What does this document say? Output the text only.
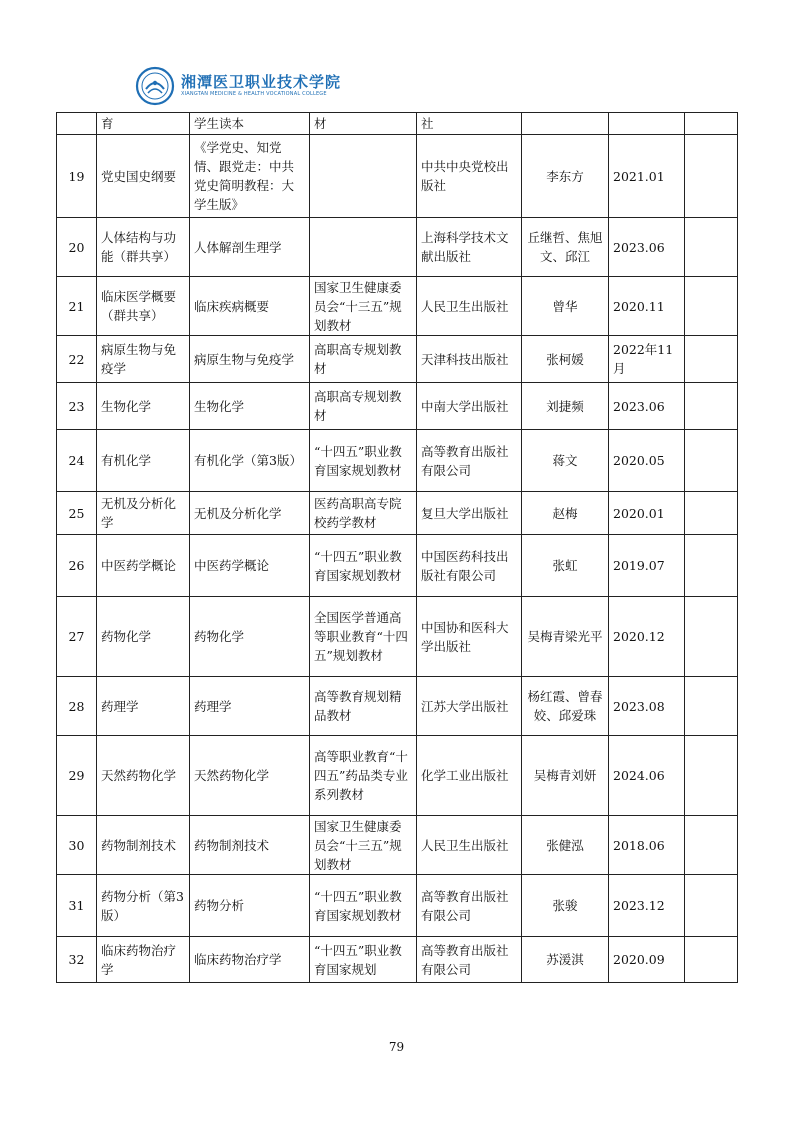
湘潭医卫职业技术学院
XIANGTAN MEDICINE & HEALTH VOCATIONAL COLLEGE
	育	学生读本	材	社			
19	党史国史纲要	《学党史、知党情、跟党走：中共党史简明教程：大学生版》		中共中央党校出版社	李东方	2021.01	
20	人体结构与功能（群共享）	人体解剖生理学		上海科学技术文献出版社	丘继哲、焦旭文、邱江	2023.06	
21	临床医学概要（群共享）	临床疾病概要	国家卫生健康委员会“十三五”规划教材	人民卫生出版社	曾华	2020.11	
22	病原生物与免疫学	病原生物与免疫学	高职高专规划教材	天津科技出版社	张柯媛	2022年11月	
23	生物化学	生物化学	高职高专规划教材	中南大学出版社	刘捷频	2023.06	
24	有机化学	有机化学（第3版）	“十四五”职业教育国家规划教材	高等教育出版社有限公司	蒋文	2020.05	
25	无机及分析化学	无机及分析化学	医药高职高专院校药学教材	复旦大学出版社	赵梅	2020.01	
26	中医药学概论	中医药学概论	“十四五”职业教育国家规划教材	中国医药科技出版社有限公司	张虹	2019.07	
27	药物化学	药物化学	全国医学普通高等职业教育“十四五”规划教材	中国协和医科大学出版社	吴梅青梁光平	2020.12	
28	药理学	药理学	高等教育规划精品教材	江苏大学出版社	杨红霞、曾春姣、邱爱珠	2023.08	
29	天然药物化学	天然药物化学	高等职业教育“十四五”药品类专业系列教材	化学工业出版社	吴梅青刘妍	2024.06	
30	药物制剂技术	药物制剂技术	国家卫生健康委员会“十三五”规划教材	人民卫生出版社	张健泓	2018.06	
31	药物分析（第3版）	药物分析	“十四五”职业教育国家规划教材	高等教育出版社有限公司	张骏	2023.12	
32	临床药物治疗学	临床药物治疗学	“十四五”职业教育国家规划	高等教育出版社有限公司	苏湲淇	2020.09	
79
